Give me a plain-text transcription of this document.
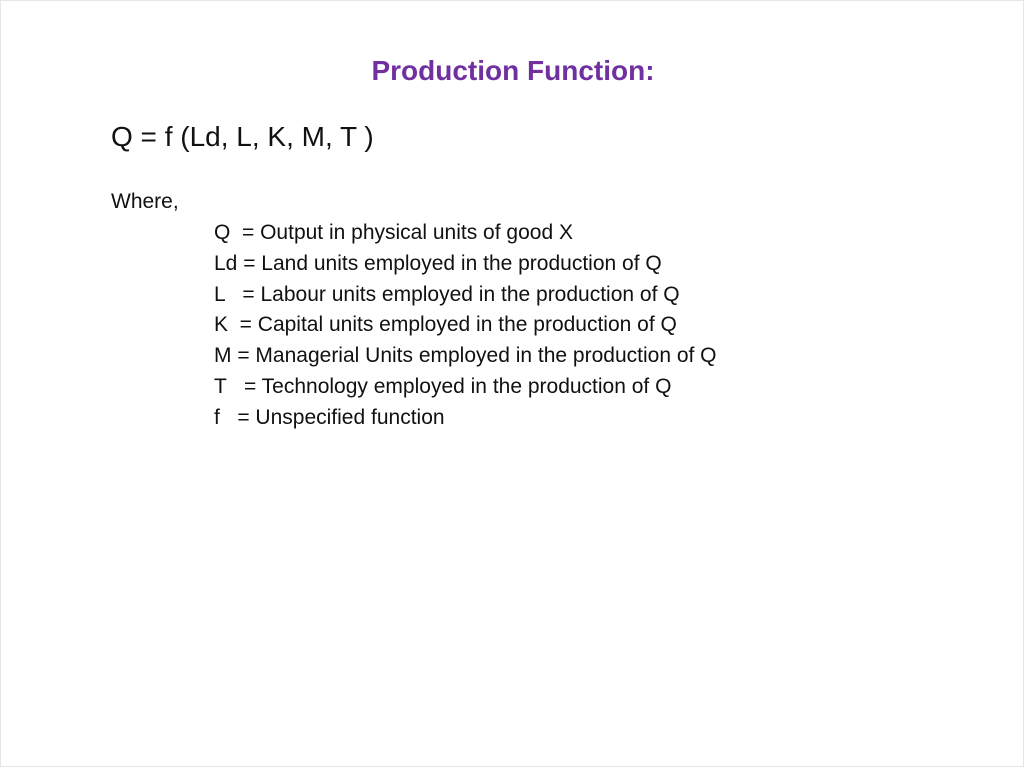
Production Function:
Q = f (Ld, L, K, M, T )
Where,
Q  = Output in physical units of good X
Ld = Land units employed in the production of Q
L   = Labour units employed in the production of Q
K  = Capital units employed in the production of Q
M = Managerial Units employed in the production of Q
T   = Technology employed in the production of Q
f   = Unspecified function
